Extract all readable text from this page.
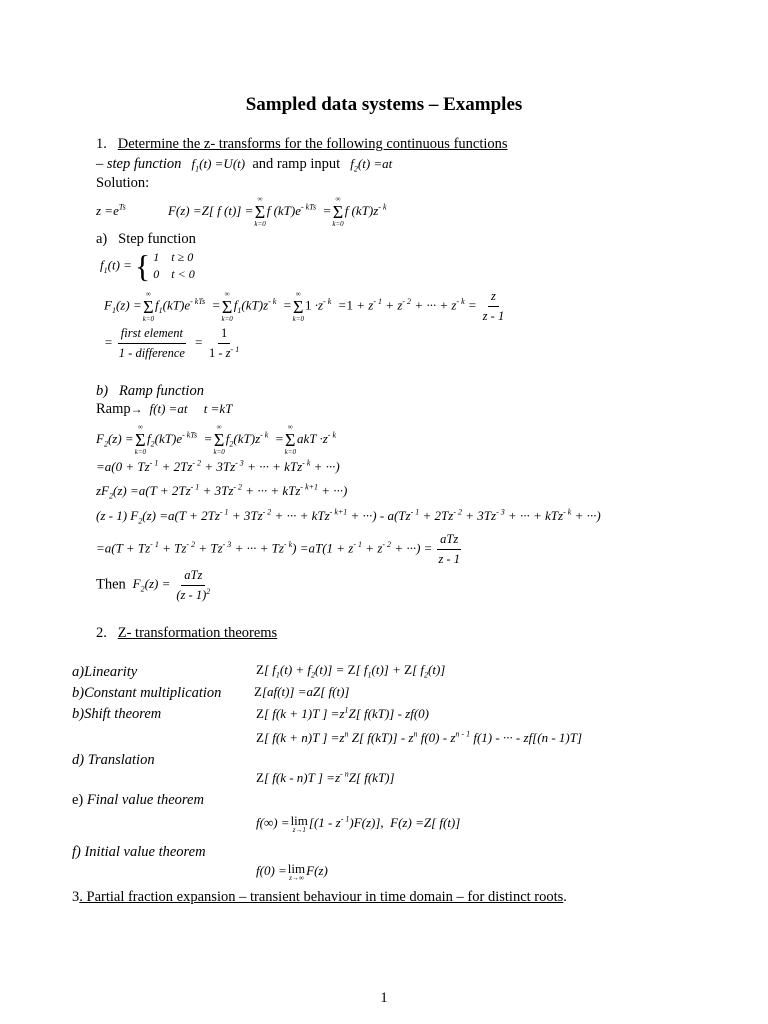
Sampled data systems – Examples
1. Determine the z- transforms for the following continuous functions
– step function   $f_1(t) =U(t)$ and ramp input   $f_2(t) =at$
Solution:
$z =e^{Ts}$             F(z) =Z[ f (t)] =
∞
Σ
k=0
f $(kT)e^{- kTs}$  =
∞
Σ
k=0
f $(kT)z^{- k}$
a) Step function
$f_1(t)$ ={ 1    t ≥ 0
0    t < 0
$F_1(z)$ =
∞
Σ
k=0
$f_1(kT)e^{- kTs}$  =
∞
Σ
k=0
$f_1(kT)z^{- k}$  =
∞
Σ
k=0
$1 \cdot z^{- k} =1 + z^{- 1} + z^{- 2}$ + ··· + $z^{- k} = \frac{z}{z - 1}$
= $\frac{\text{first element}}{\text{1 - difference}} = \frac{1}{1 - z^{- 1}}$
b) Ramp function
Ramp→  f(t) =at     t =kT
$F_2(z)$ =
∞
Σ
k=0
$f_2(kT)e^{- kTs}$  =
∞
Σ
k=0
$f_2(kT)z^{- k}$  =
∞
Σ
k=0
akT $\cdot z^{- k}$
$=a(0 + Tz^{- 1} + 2Tz^{- 2} + 3Tz^{- 3}$ + ··· + kTz$^{- k}$ + ···)
$zF_2(z) =a(T + 2Tz^{- 1} + 3Tz^{- 2}$ + ··· + kTz$^{- k+1}$ + ···)
(z - 1) $F_2(z) =a(T + 2Tz^{- 1} + 3Tz^{- 2}$ + ··· + kTz$^{- k+1}$ + ···) - $a(Tz^{- 1} + 2Tz^{- 2} + 3Tz^{- 3}$ + ··· + kTz$^{- k}$ + ···)
$=a(T + Tz^{- 1} + Tz^{- 2} + Tz^{- 3}$ + ··· + $Tz^{- k}) =aT(1 + z^{- 1} + z^{- 2}$ + ···) = $\frac{\text{aTz}}{z - 1}$
Then  $F_2(z) = \frac{\text{aTz}}{(z - 1)^2}$
2. Z- transformation theorems
a)Linearity	Z[ $f_1(t) + f_2(t)] = Z$[ $f_1(t)] + Z$[ $f_2(t)$]
b)Constant multiplication	Z[af(t)] =aZ[ f(t)]
b)Shift theorem	Z[ f(k + 1)T ] $=z^1Z$[ f(kT)] - zf(0)
Z[ f(k + n)T ] $=z^n$ Z[ $f(kT)] - z^n$ $f(0) - z^{n - 1}$ f(1) - ··· - zf[(n - 1)T]
d) Translation
Z[ f(k - n)T ] $=z^{- n}Z$[ f(kT)]
e) Final value theorem
f(∞) = lim
z→1
$[(1 - z^{- 1})F(z)]$,  F(z) =Z[ f(t)]
f) Initial value theorem
f(0) = lim
z→∞
F(z)
3. Partial fraction expansion – transient behaviour in time domain – for distinct roots.
1
